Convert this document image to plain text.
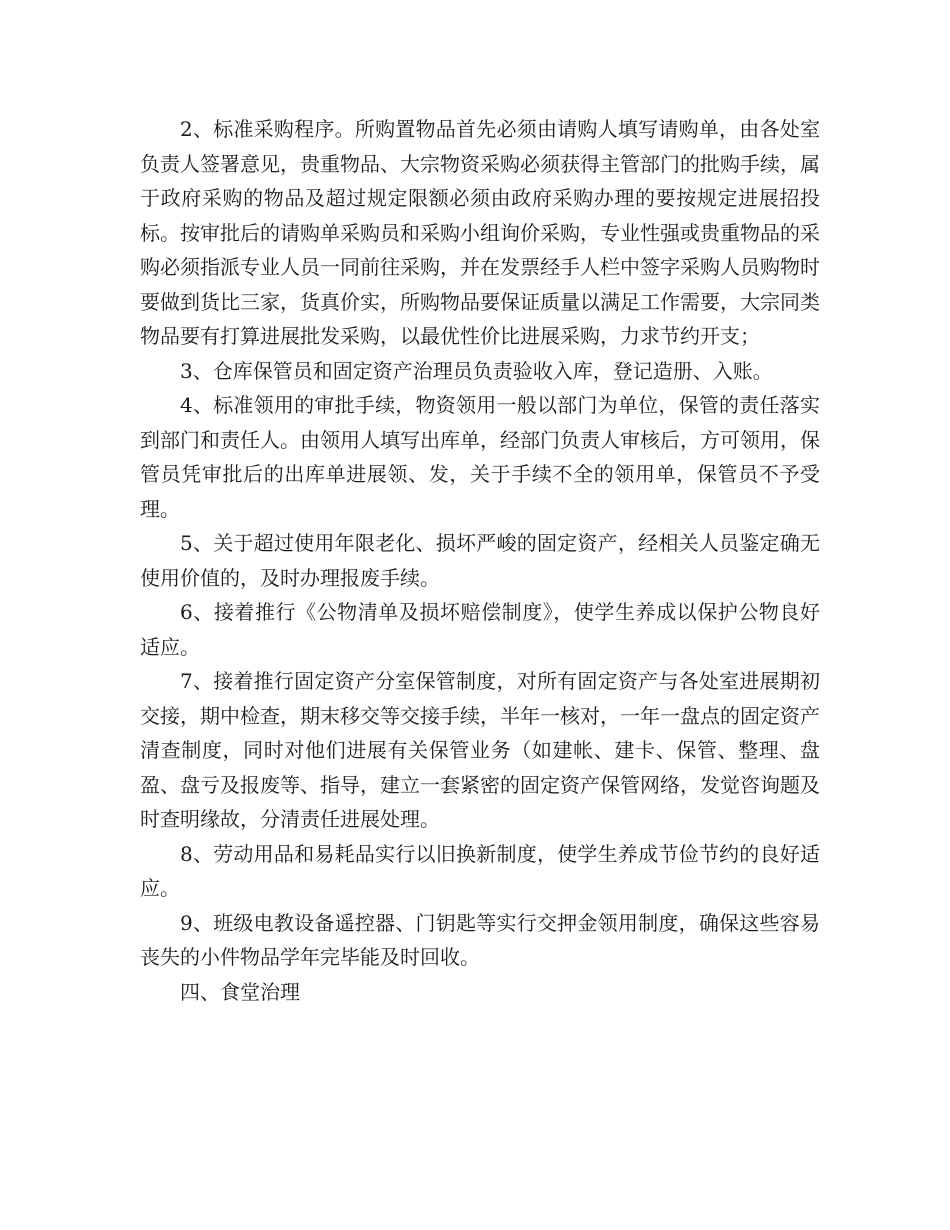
2、标准采购程序。所购置物品首先必须由请购人填写请购单，由各处室负责人签署意见，贵重物品、大宗物资采购必须获得主管部门的批购手续，属于政府采购的物品及超过规定限额必须由政府采购办理的要按规定进展招投标。按审批后的请购单采购员和采购小组询价采购，专业性强或贵重物品的采购必须指派专业人员一同前往采购，并在发票经手人栏中签字采购人员购物时要做到货比三家，货真价实，所购物品要保证质量以满足工作需要，大宗同类物品要有打算进展批发采购，以最优性价比进展采购，力求节约开支；

3、仓库保管员和固定资产治理员负责验收入库，登记造册、入账。

4、标准领用的审批手续，物资领用一般以部门为单位，保管的责任落实到部门和责任人。由领用人填写出库单，经部门负责人审核后，方可领用，保管员凭审批后的出库单进展领、发，关于手续不全的领用单，保管员不予受理。

5、关于超过使用年限老化、损坏严峻的固定资产，经相关人员鉴定确无使用价值的，及时办理报废手续。

6、接着推行《公物清单及损坏赔偿制度》，使学生养成以保护公物良好适应。

7、接着推行固定资产分室保管制度，对所有固定资产与各处室进展期初交接，期中检查，期末移交等交接手续，半年一核对，一年一盘点的固定资产清查制度，同时对他们进展有关保管业务（如建帐、建卡、保管、整理、盘盈、盘亏及报废等、指导，建立一套紧密的固定资产保管网络，发觉咨询题及时查明缘故，分清责任进展处理。

8、劳动用品和易耗品实行以旧换新制度，使学生养成节俭节约的良好适应。

9、班级电教设备遥控器、门钥匙等实行交押金领用制度，确保这些容易丧失的小件物品学年完毕能及时回收。

四、食堂治理
